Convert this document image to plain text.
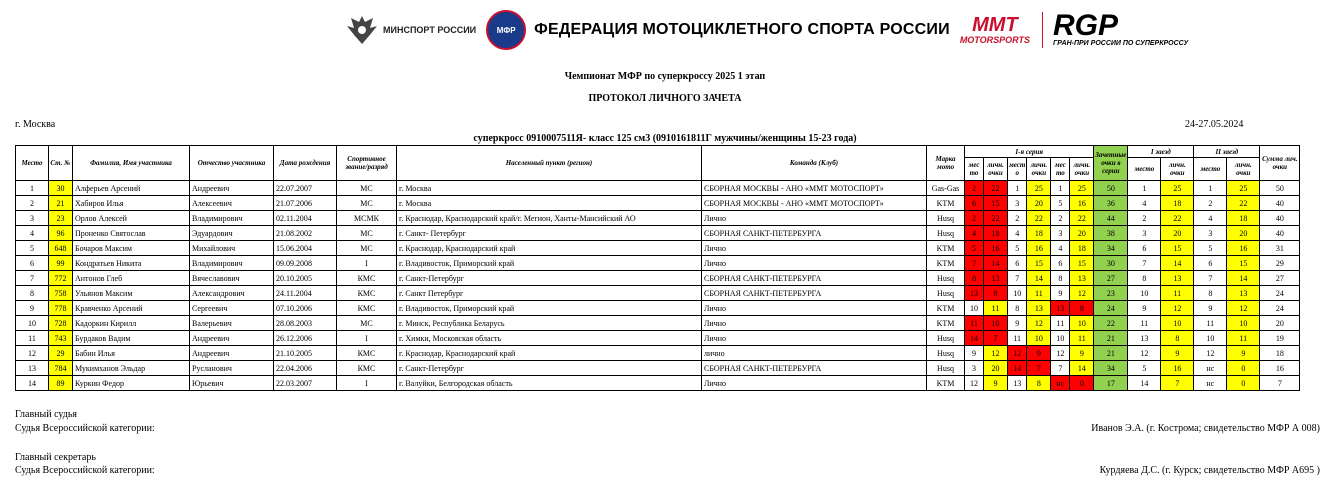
МИНСПОРТ РОССИИ	МФР	ФЕДЕРАЦИЯ МОТОЦИКЛЕТНОГО СПОРТА РОССИИ	MMT
MOTORSPORTS RGP
ГРАН-ПРИ РОССИИ ПО СУПЕРКРОССУ
Чемпионат МФР по суперкроссу 2025 1 этап
ПРОТОКОЛ ЛИЧНОГО ЗАЧЕТА
г. Москва	24-27.05.2024
суперкросс 0910007511Я- класс 125 см3 (0910161811Г мужчины/женщины 15-23 года)
Место	Ст. №	Фамилия, Имя участника	Отчество участника	Дата рождения	Спортивное звание/разряд	Населенный пункт (регион)	Команда (Клуб)	Марка мото	I-я серия						Зачетные очки в серии	I заезд		II заезд		Сумма лич. очки
									мес то	личн. очки	мест о	личн. очки	мес то	личн. очки		место	личн. очки	место	личн. очки	
1	30	Алферьев Арсений	Андреевич	22.07.2007	МС	г. Москва	СБОРНАЯ МОСКВЫ - АНО «ММТ МОТОСПОРТ»	Gas-Gas	2	22	1	25	1	25	50	1	25	1	25	50
2	21	Хабиров Илья	Алексеевич	21.07.2006	МС	г. Москва	СБОРНАЯ МОСКВЫ - АНО «ММТ МОТОСПОРТ»	KTM	6	15	3	20	5	16	36	4	18	2	22	40
3	23	Орлов Алексей	Владимирович	02.11.2004	МСМК	г. Краснодар, Краснодарский край/г. Мегион, Ханты-Мансийский АО	Лично	Husq	2	22	2	22	2	22	44	2	22	4	18	40
4	96	Проненко Святослав	Эдуардович	21.08.2002	МС	г. Санкт- Петербург	СБОРНАЯ САНКТ-ПЕТЕРБУРГА	Husq	4	18	4	18	3	20	38	3	20	3	20	40
5	648	Бочаров Максим	Михайлович	15.06.2004	МС	г. Краснодар, Краснодарский край	Лично	KTM	5	16	5	16	4	18	34	6	15	5	16	31
6	99	Кондратьев Никита	Владимирович	09.09.2008	I	г. Владивосток, Приморский край	Лично	KTM	7	14	6	15	6	15	30	7	14	6	15	29
7	772	Антонов Глеб	Вячеславович	20.10.2005	КМС	г. Санкт-Петербург	СБОРНАЯ САНКТ-ПЕТЕРБУРГА	Husq	8	13	7	14	8	13	27	8	13	7	14	27
8	758	Ульянов Максим	Александрович	24.11.2004	КМС	г. Санкт Петербург	СБОРНАЯ САНКТ-ПЕТЕРБУРГА	Husq	13	8	10	11	9	12	23	10	11	8	13	24
9	778	Кравченко Арсений	Сергеевич	07.10.2006	КМС	г. Владивосток, Приморский край	Лично	KTM	10	11	8	13	13	8	24	9	12	9	12	24
10	728	Кадоркин Кирилл	Валерьевич	28.08.2003	МС	г. Минск, Республика Беларусь	Лично	KTM	11	10	9	12	11	10	22	11	10	11	10	20
11	743	Бурдаков Вадим	Андреевич	26.12.2006	I	г. Химки, Московская область	Лично	Husq	14	7	11	10	10	11	21	13	8	10	11	19
12	29	Бабин Илья	Андреевич	21.10.2005	КМС	г. Краснодар, Краснодарский край	лично	Husq	9	12	12	9	12	9	21	12	9	12	9	18
13	784	Мукимханов Эльдар	Русланович	22.04.2006	КМС	г. Санкт-Петербург	СБОРНАЯ САНКТ-ПЕТЕРБУРГА	Husq	3	20	14	7	7	14	34	5	16	нс	0	16
14	89	Куркин Федор	Юрьевич	22.03.2007	I	г. Валуйки, Белгородская область	Лично	KTM	12	9	13	8	нс	0	17	14	7	нс	0	7
Главный судья
Судья Всероссийской категории:	Иванов Э.А. (г. Кострома; свидетельство МФР А 008)
Главный секретарь
Судья Всероссийской категории:	Курдяева Д.С. (г. Курск; свидетельство МФР А695 )
